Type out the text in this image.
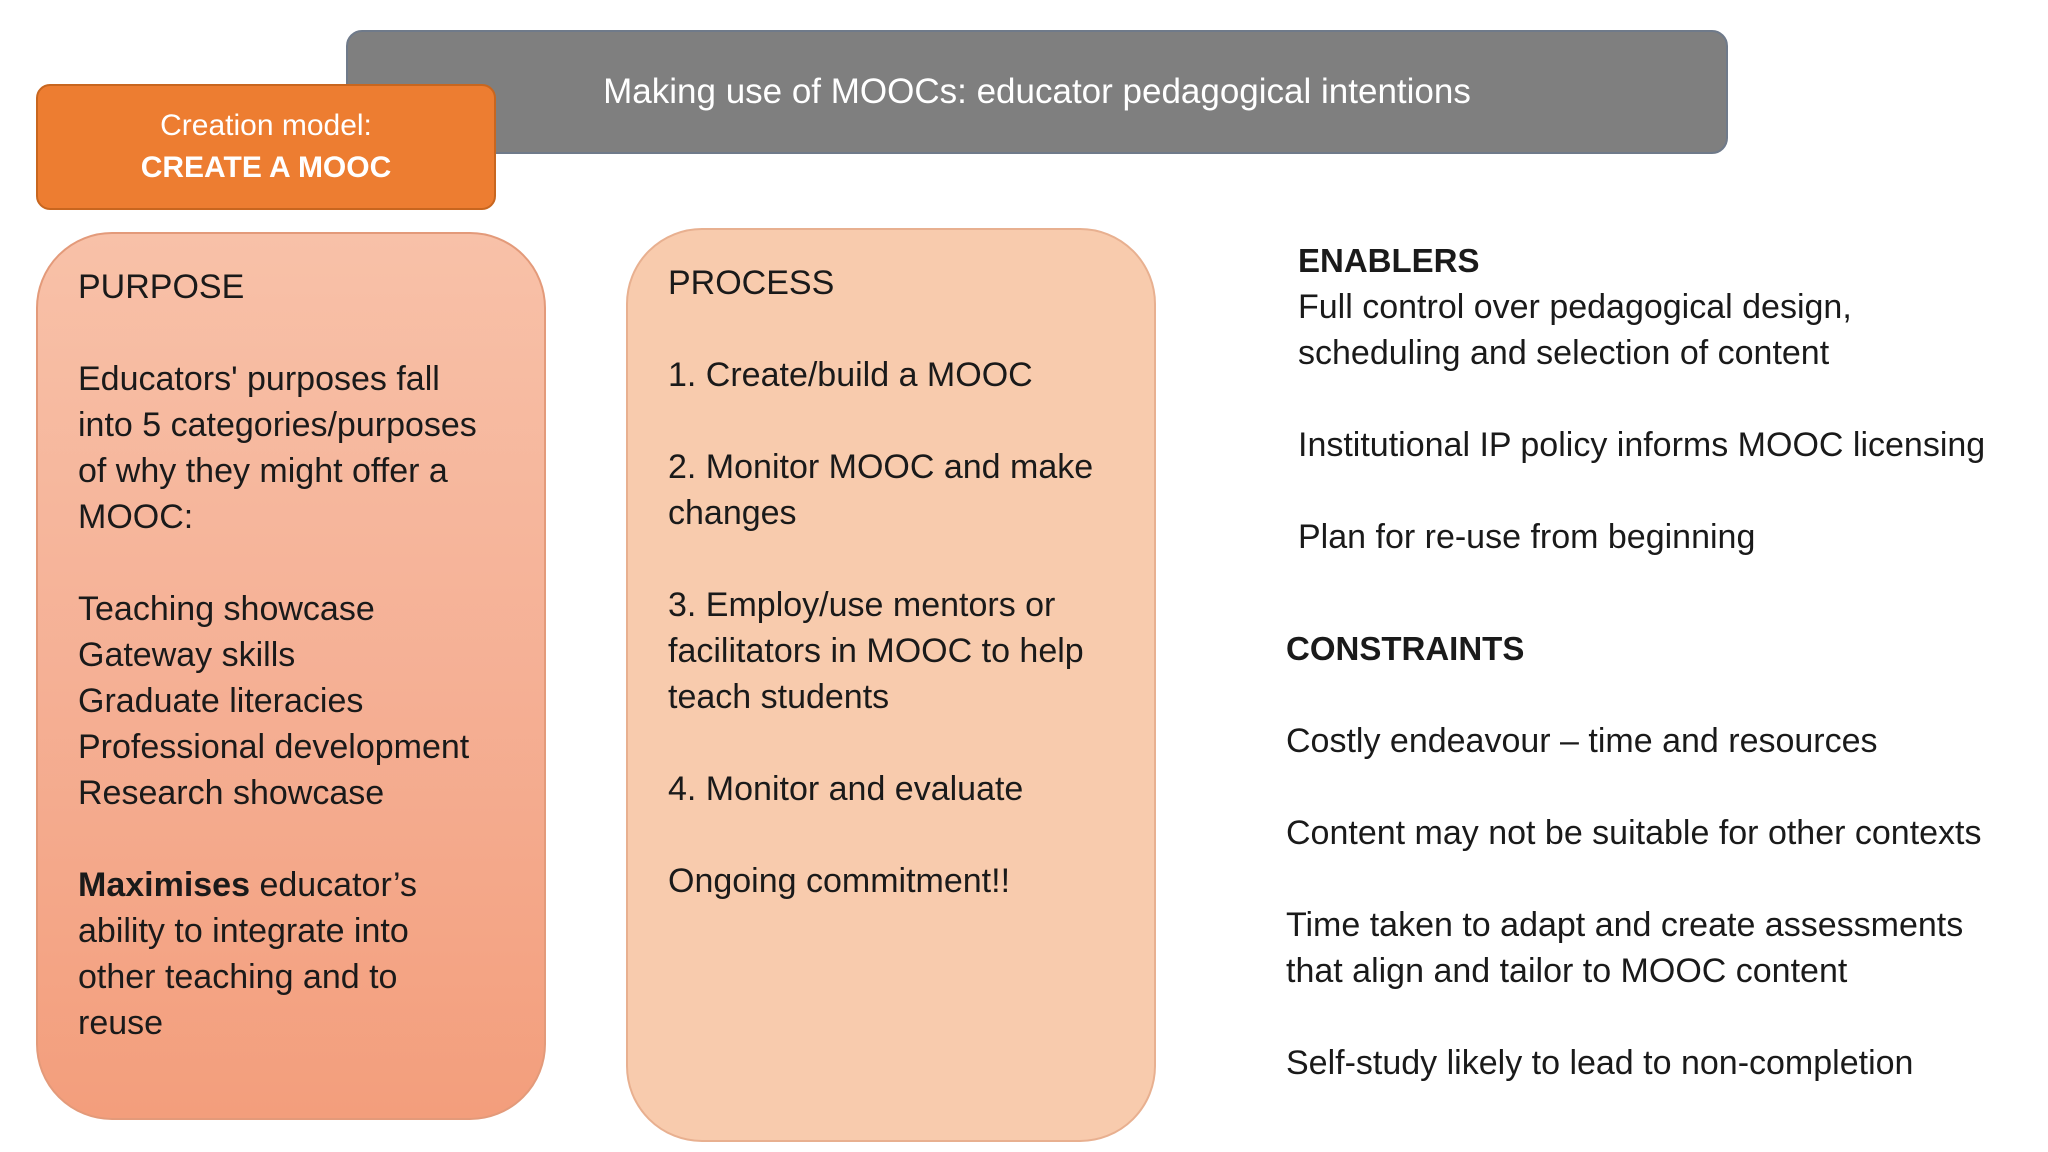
Making use of MOOCs: educator pedagogical intentions
Creation model:
CREATE A MOOC
PURPOSE
Educators' purposes fall
into 5 categories/purposes
of why they might offer a
MOOC:
Teaching showcase
Gateway skills
Graduate literacies
Professional development
Research showcase
Maximises educator’s
ability to integrate into
other teaching and to
reuse
PROCESS
1. Create/build a MOOC
2. Monitor MOOC and make
changes
3. Employ/use mentors or
facilitators in MOOC to help
teach students
4. Monitor and evaluate
Ongoing commitment!!
ENABLERS
Full control over pedagogical design,
scheduling and selection of content
Institutional IP policy informs MOOC licensing
Plan for re-use from beginning
CONSTRAINTS
Costly endeavour – time and resources
Content may not be suitable for other contexts
Time taken to adapt and create assessments
that align and tailor to MOOC content
Self-study likely to lead to non-completion
